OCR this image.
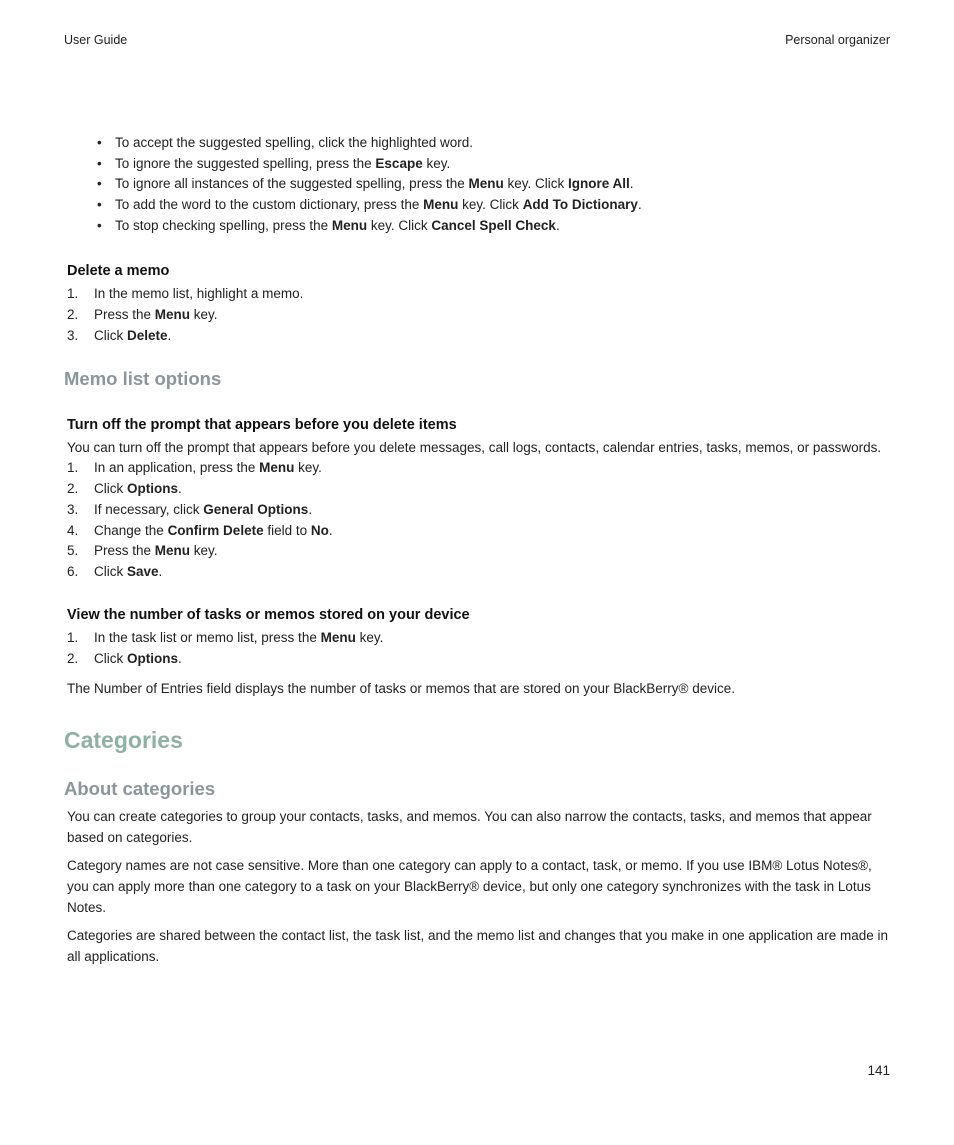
User Guide	Personal organizer
• To accept the suggested spelling, click the highlighted word.
• To ignore the suggested spelling, press the Escape key.
• To ignore all instances of the suggested spelling, press the Menu key. Click Ignore All.
• To add the word to the custom dictionary, press the Menu key. Click Add To Dictionary.
• To stop checking spelling, press the Menu key. Click Cancel Spell Check.
Delete a memo
1. In the memo list, highlight a memo.
2. Press the Menu key.
3. Click Delete.
Memo list options
Turn off the prompt that appears before you delete items
You can turn off the prompt that appears before you delete messages, call logs, contacts, calendar entries, tasks, memos, or passwords.
1. In an application, press the Menu key.
2. Click Options.
3. If necessary, click General Options.
4. Change the Confirm Delete field to No.
5. Press the Menu key.
6. Click Save.
View the number of tasks or memos stored on your device
1. In the task list or memo list, press the Menu key.
2. Click Options.
The Number of Entries field displays the number of tasks or memos that are stored on your BlackBerry® device.
Categories
About categories
You can create categories to group your contacts, tasks, and memos. You can also narrow the contacts, tasks, and memos that appear based on categories.
Category names are not case sensitive. More than one category can apply to a contact, task, or memo. If you use IBM® Lotus Notes®, you can apply more than one category to a task on your BlackBerry® device, but only one category synchronizes with the task in Lotus Notes.
Categories are shared between the contact list, the task list, and the memo list and changes that you make in one application are made in all applications.
141
